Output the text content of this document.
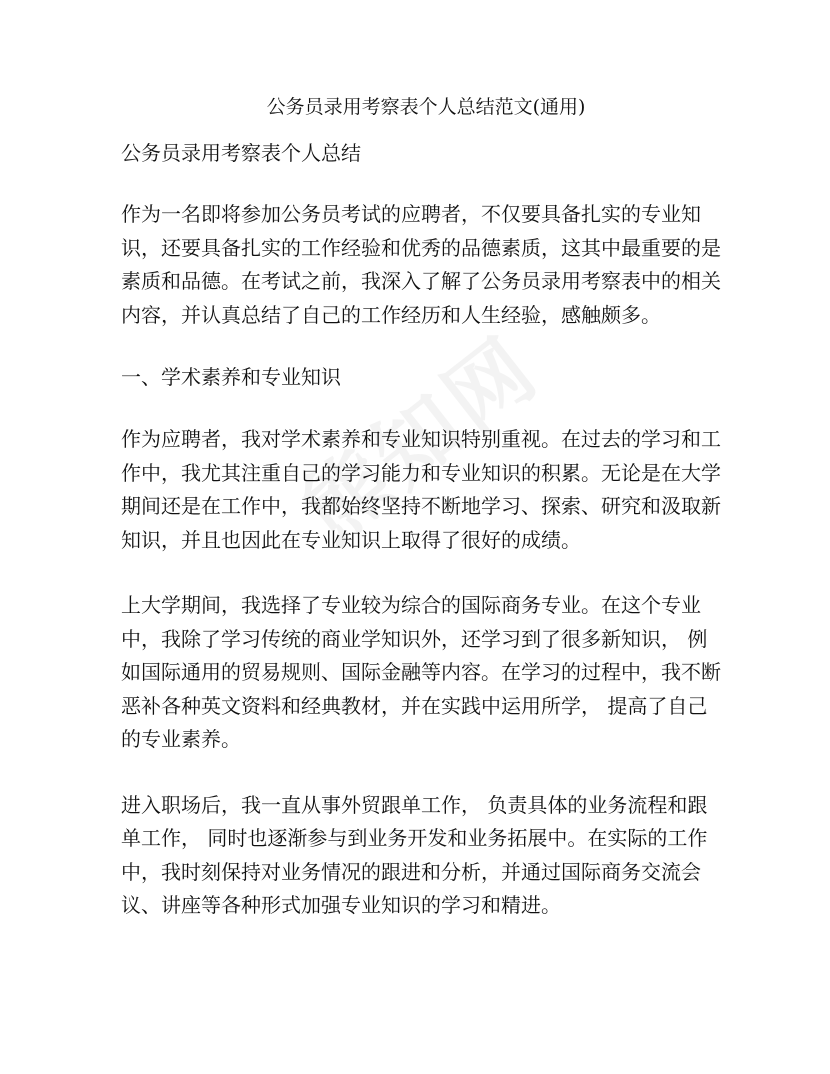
公务员录用考察表个人总结范文(通用)
公务员录用考察表个人总结
作为一名即将参加公务员考试的应聘者，不仅要具备扎实的专业知识，还要具备扎实的工作经验和优秀的品德素质，这其中最重要的是素质和品德。在考试之前，我深入了解了公务员录用考察表中的相关内容，并认真总结了自己的工作经历和人生经验，感触颇多。
一、学术素养和专业知识
作为应聘者，我对学术素养和专业知识特别重视。在过去的学习和工作中，我尤其注重自己的学习能力和专业知识的积累。无论是在大学期间还是在工作中，我都始终坚持不断地学习、探索、研究和汲取新知识，并且也因此在专业知识上取得了很好的成绩。
上大学期间，我选择了专业较为综合的国际商务专业。在这个专业中，我除了学习传统的商业学知识外，还学习到了很多新知识， 例如国际通用的贸易规则、国际金融等内容。在学习的过程中，我不断恶补各种英文资料和经典教材，并在实践中运用所学， 提高了自己的专业素养。
进入职场后，我一直从事外贸跟单工作， 负责具体的业务流程和跟单工作， 同时也逐渐参与到业务开发和业务拓展中。在实际的工作中，我时刻保持对业务情况的跟进和分析，并通过国际商务交流会议、讲座等各种形式加强专业知识的学习和精进。
